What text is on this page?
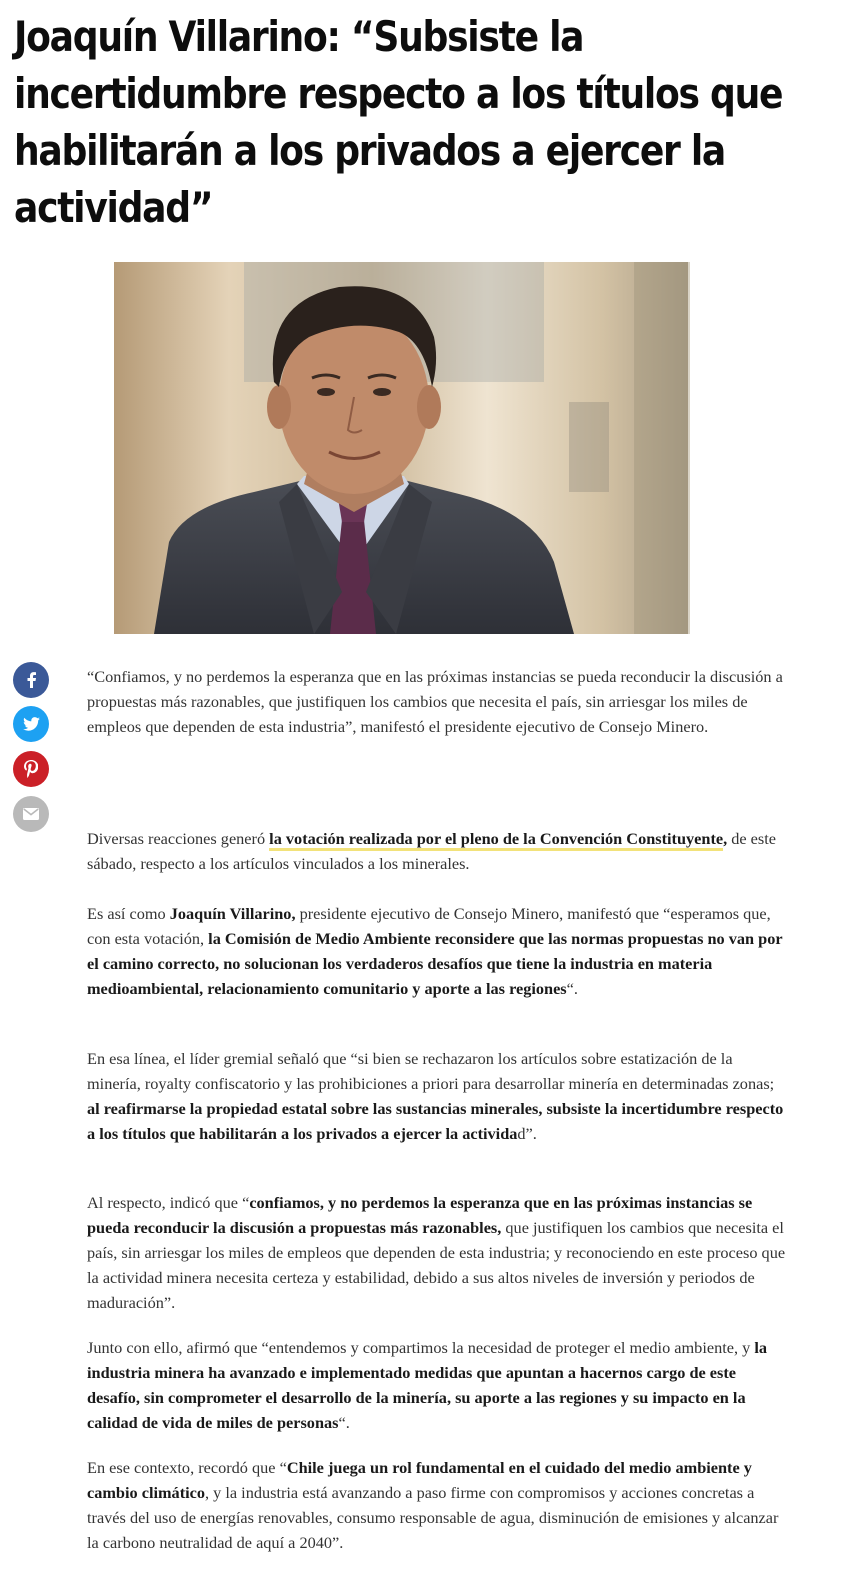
Joaquín Villarino: “Subsiste la incertidumbre respecto a los títulos que habilitarán a los privados a ejercer la actividad”

“Confiamos, y no perdemos la esperanza que en las próximas instancias se pueda reconducir la discusión a propuestas más razonables, que justifiquen los cambios que necesita el país, sin arriesgar los miles de empleos que dependen de esta industria”, manifestó el presidente ejecutivo de Consejo Minero.

Diversas reacciones generó la votación realizada por el pleno de la Convención Constituyente, de este sábado, respecto a los artículos vinculados a los minerales.

Es así como Joaquín Villarino, presidente ejecutivo de Consejo Minero, manifestó que “esperamos que, con esta votación, la Comisión de Medio Ambiente reconsidere que las normas propuestas no van por el camino correcto, no solucionan los verdaderos desafíos que tiene la industria en materia medioambiental, relacionamiento comunitario y aporte a las regiones“.

En esa línea, el líder gremial señaló que “si bien se rechazaron los artículos sobre estatización de la minería, royalty confiscatorio y las prohibiciones a priori para desarrollar minería en determinadas zonas; al reafirmarse la propiedad estatal sobre las sustancias minerales, subsiste la incertidumbre respecto a los títulos que habilitarán a los privados a ejercer la actividad”.

Al respecto, indicó que “confiamos, y no perdemos la esperanza que en las próximas instancias se pueda reconducir la discusión a propuestas más razonables, que justifiquen los cambios que necesita el país, sin arriesgar los miles de empleos que dependen de esta industria; y reconociendo en este proceso que la actividad minera necesita certeza y estabilidad, debido a sus altos niveles de inversión y periodos de maduración”.

Junto con ello, afirmó que “entendemos y compartimos la necesidad de proteger el medio ambiente, y la industria minera ha avanzado e implementado medidas que apuntan a hacernos cargo de este desafío, sin comprometer el desarrollo de la minería, su aporte a las regiones y su impacto en la calidad de vida de miles de personas“.

En ese contexto, recordó que “Chile juega un rol fundamental en el cuidado del medio ambiente y cambio climático, y la industria está avanzando a paso firme con compromisos y acciones concretas a través del uso de energías renovables, consumo responsable de agua, disminución de emisiones y alcanzar la carbono neutralidad de aquí a 2040”.
